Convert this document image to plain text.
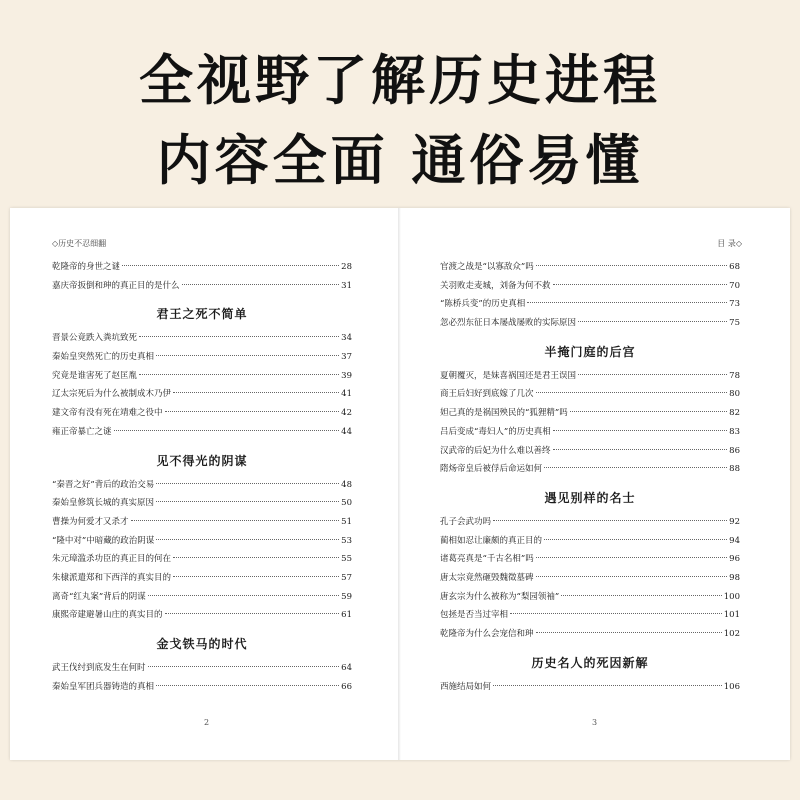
全视野了解历史进程
内容全面 通俗易懂
◇历史不忍细翻
乾隆帝的身世之谜	28
嘉庆帝扳倒和珅的真正目的是什么	31
君王之死不简单
晋景公竟跌入粪坑致死	34
秦始皇突然死亡的历史真相	37
究竟是谁害死了赵匡胤	39
辽太宗死后为什么被制成木乃伊	41
建文帝有没有死在靖难之役中	42
雍正帝暴亡之谜	44
见不得光的阴谋
“秦晋之好”背后的政治交易	48
秦始皇修筑长城的真实原因	50
曹操为何爱才又杀才	51
“隆中对”中暗藏的政治阴谋	53
朱元璋滥杀功臣的真正目的何在	55
朱棣派遣郑和下西洋的真实目的	57
离奇“红丸案”背后的阴谋	59
康熙帝建避暑山庄的真实目的	61
金戈铁马的时代
武王伐纣到底发生在何时	64
秦始皇军团兵器铸造的真相	66
2
目 录◇
官渡之战是“以寡敌众”吗	68
关羽败走麦城，刘备为何不救	70
“陈桥兵变”的历史真相	73
忽必烈东征日本屡战屡败的实际原因	75
半掩门庭的后宫
夏朝覆灭，是妹喜祸国还是君王误国	78
商王后妇好到底嫁了几次	80
妲己真的是祸国殃民的“狐狸精”吗	82
吕后变成“毒妇人”的历史真相	83
汉武帝的后妃为什么难以善终	86
隋炀帝皇后被俘后命运如何	88
遇见别样的名士
孔子会武功吗	92
蔺相如忍让廉颇的真正目的	94
诸葛亮真是“千古名相”吗	96
唐太宗竟然砸毁魏徵墓碑	98
唐玄宗为什么被称为“梨园领袖”	100
包拯是否当过宰相	101
乾隆帝为什么会宠信和珅	102
历史名人的死因新解
西施结局如何	106
3
